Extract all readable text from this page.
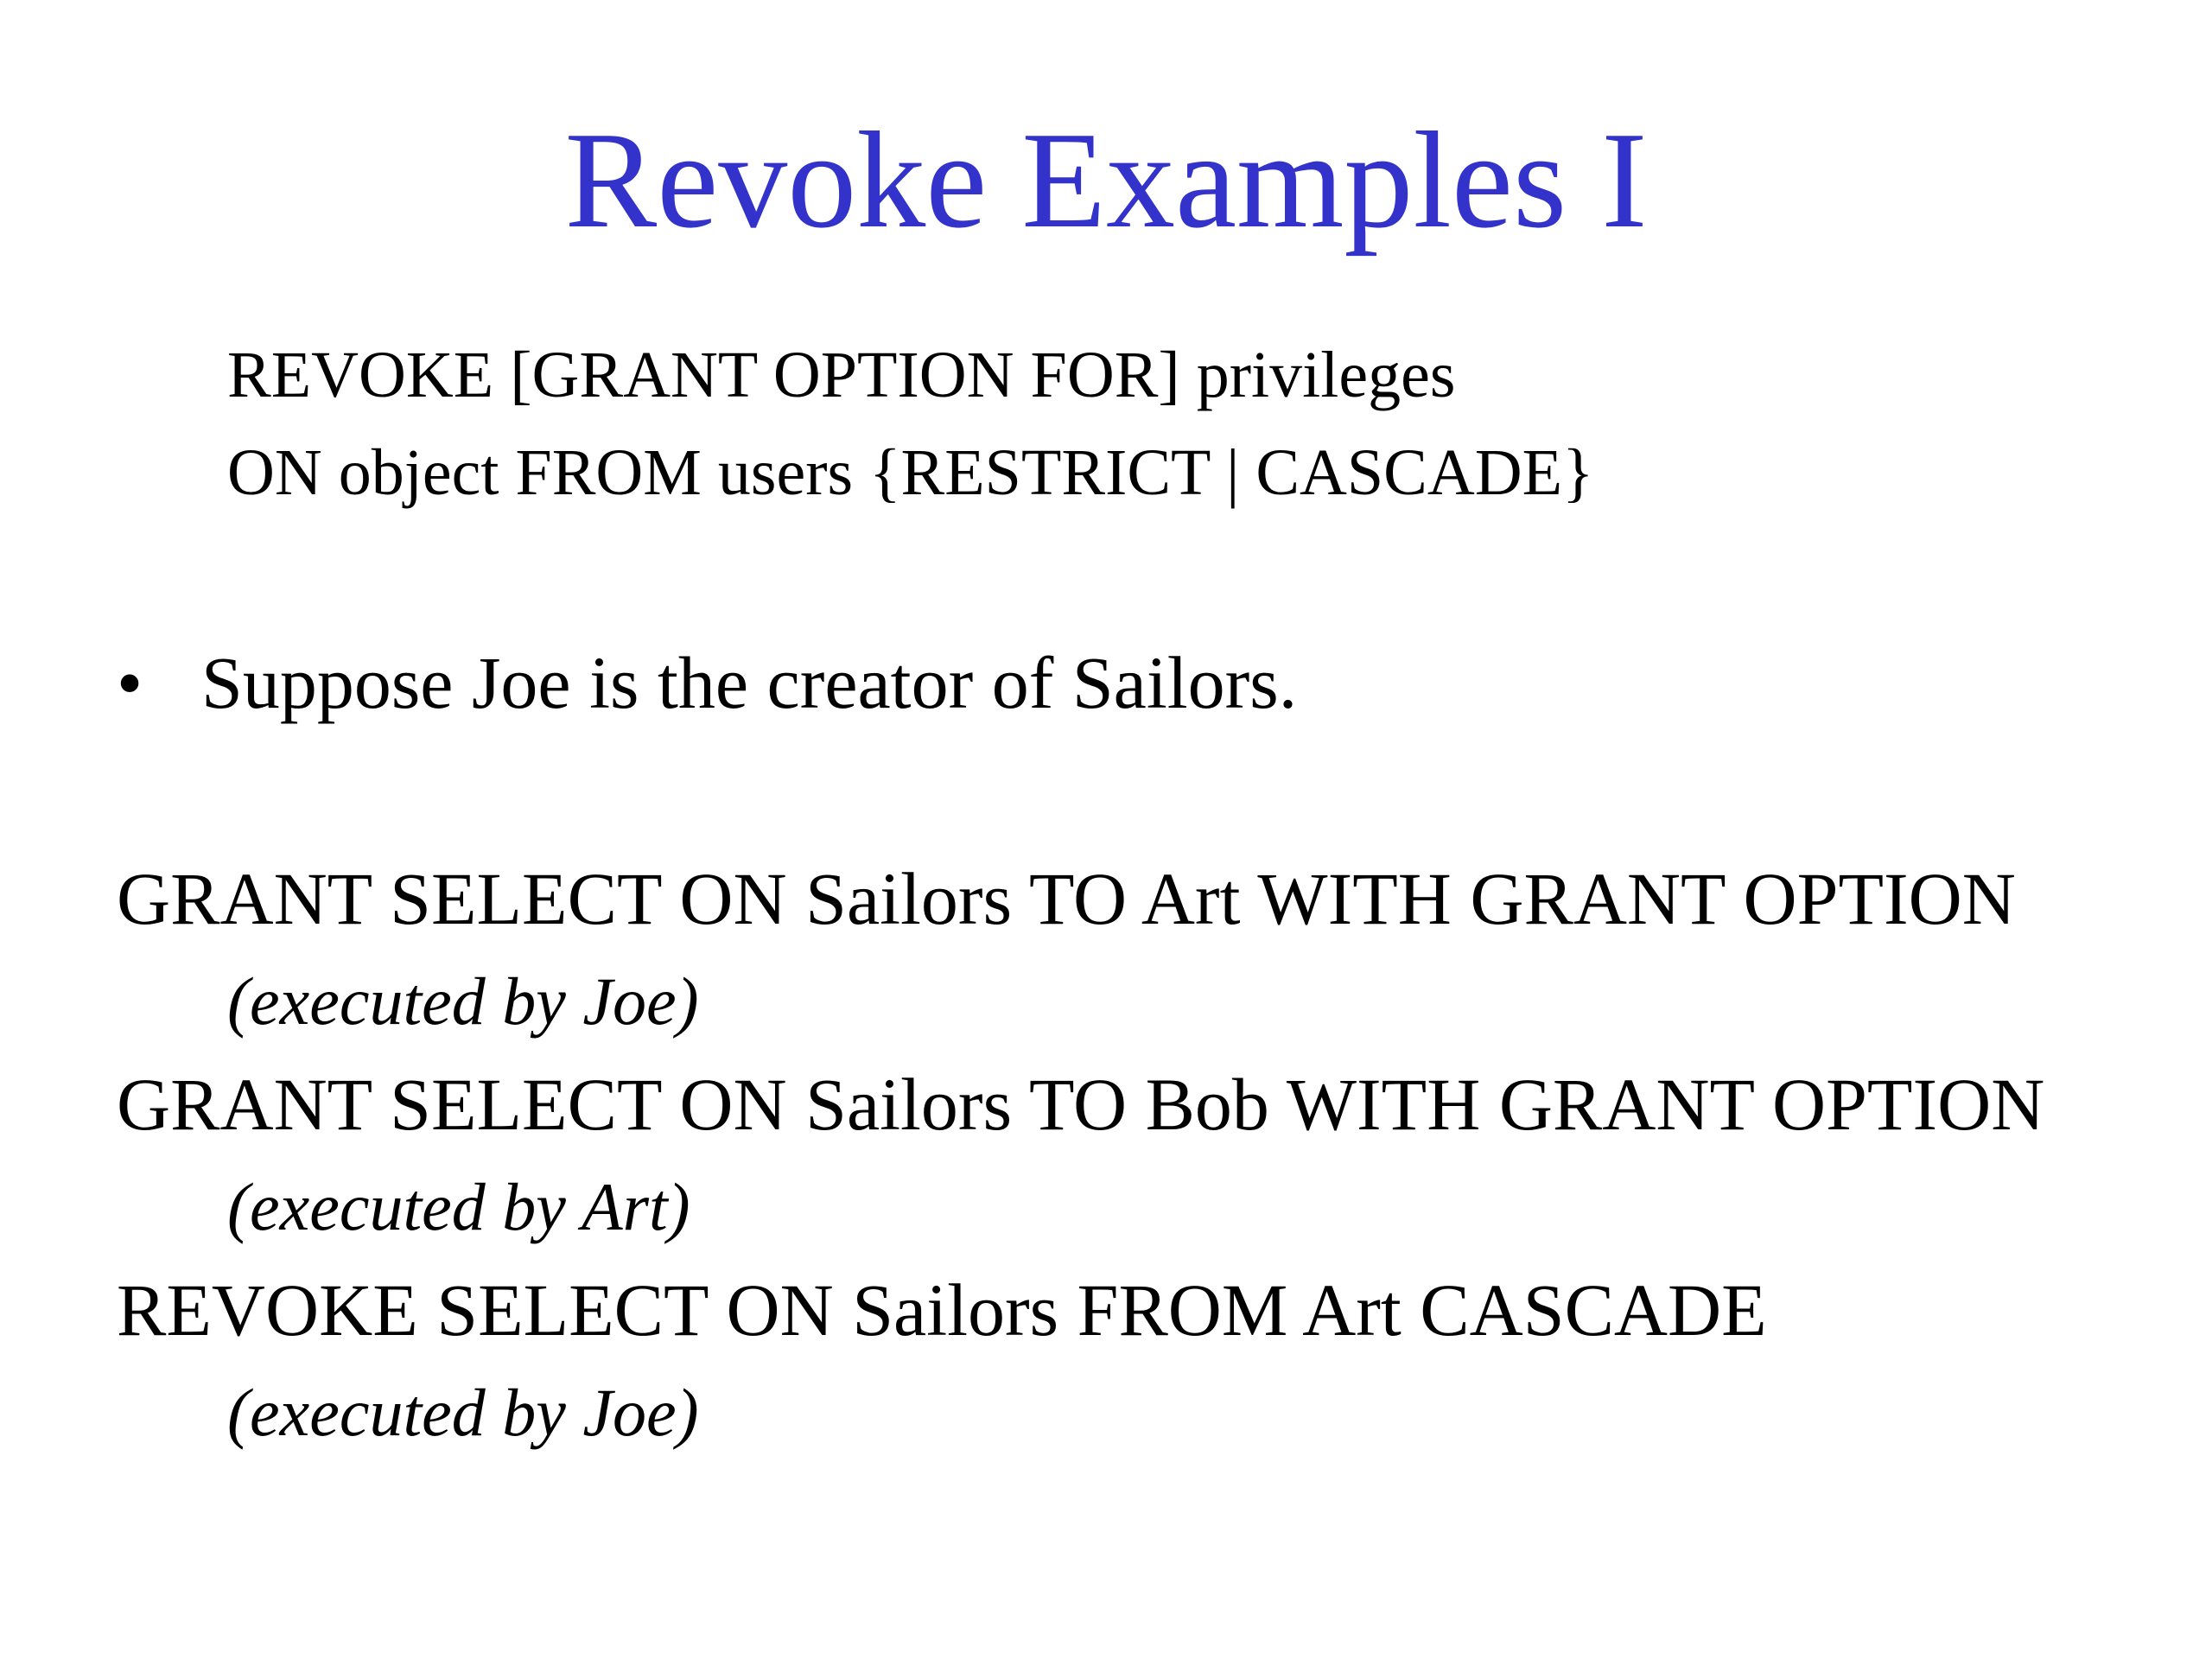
Revoke Examples I
REVOKE [GRANT OPTION FOR] privileges
ON object FROM users {RESTRICT | CASCADE}
• Suppose Joe is the creator of Sailors.
GRANT SELECT ON Sailors TO Art WITH GRANT OPTION
(executed by Joe)
GRANT SELECT ON Sailors TO Bob WITH GRANT OPTION
(executed by Art)
REVOKE SELECT ON Sailors FROM Art CASCADE
(executed by Joe)
